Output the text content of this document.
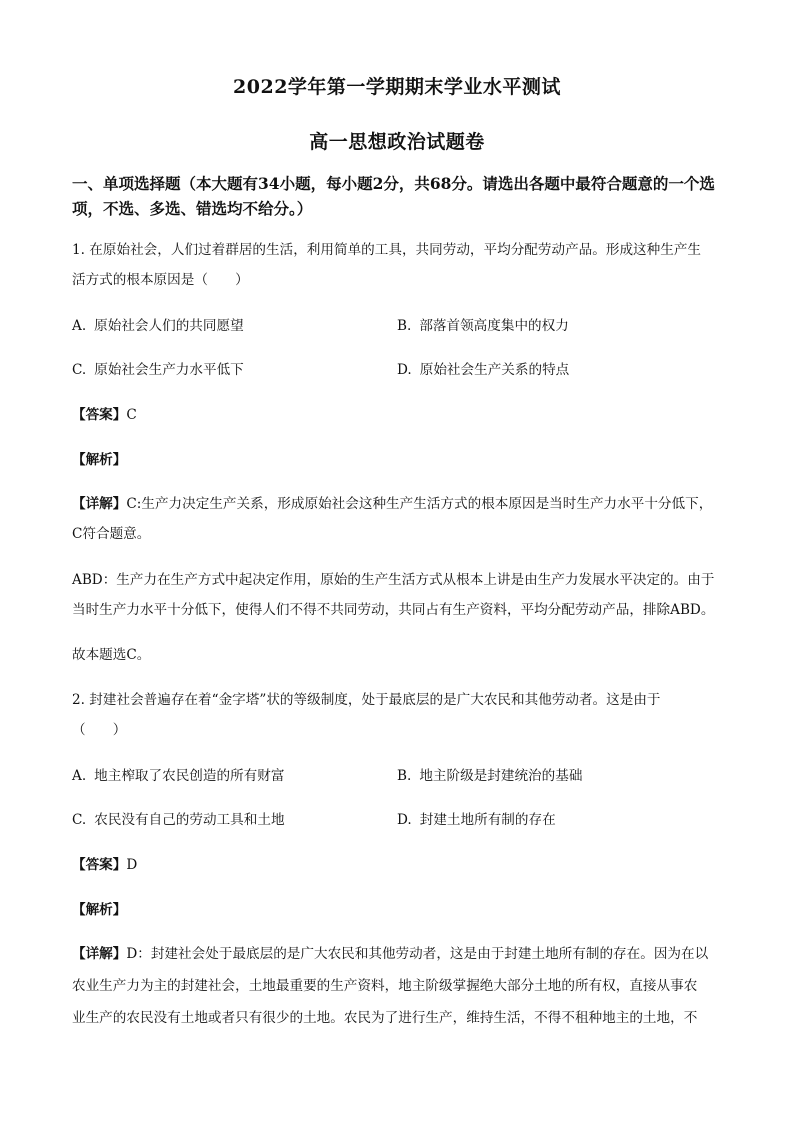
2022学年第一学期期末学业水平测试
高一思想政治试题卷
一、单项选择题（本大题有34小题，每小题2分，共68分。请选出各题中最符合题意的一个选项，不选、多选、错选均不给分。）
1. 在原始社会，人们过着群居的生活，利用简单的工具，共同劳动，平均分配劳动产品。形成这种生产生
活方式的根本原因是（　　）
A. 原始社会人们的共同愿望	B. 部落首领高度集中的权力
C. 原始社会生产力水平低下	D. 原始社会生产关系的特点
【答案】C
【解析】
【详解】C:生产力决定生产关系，形成原始社会这种生产生活方式的根本原因是当时生产力水平十分低下，
C符合题意。
ABD：生产力在生产方式中起决定作用，原始的生产生活方式从根本上讲是由生产力发展水平决定的。由于
当时生产力水平十分低下，使得人们不得不共同劳动，共同占有生产资料，平均分配劳动产品，排除ABD。
故本题选C。
2. 封建社会普遍存在着“金字塔”状的等级制度，处于最底层的是广大农民和其他劳动者。这是由于
（　　）
A. 地主榨取了农民创造的所有财富	B. 地主阶级是封建统治的基础
C. 农民没有自己的劳动工具和土地	D. 封建土地所有制的存在
【答案】D
【解析】
【详解】D：封建社会处于最底层的是广大农民和其他劳动者，这是由于封建土地所有制的存在。因为在以
农业生产力为主的封建社会，土地最重要的生产资料，地主阶级掌握绝大部分土地的所有权，直接从事农
业生产的农民没有土地或者只有很少的土地。农民为了进行生产，维持生活，不得不租种地主的土地，不
